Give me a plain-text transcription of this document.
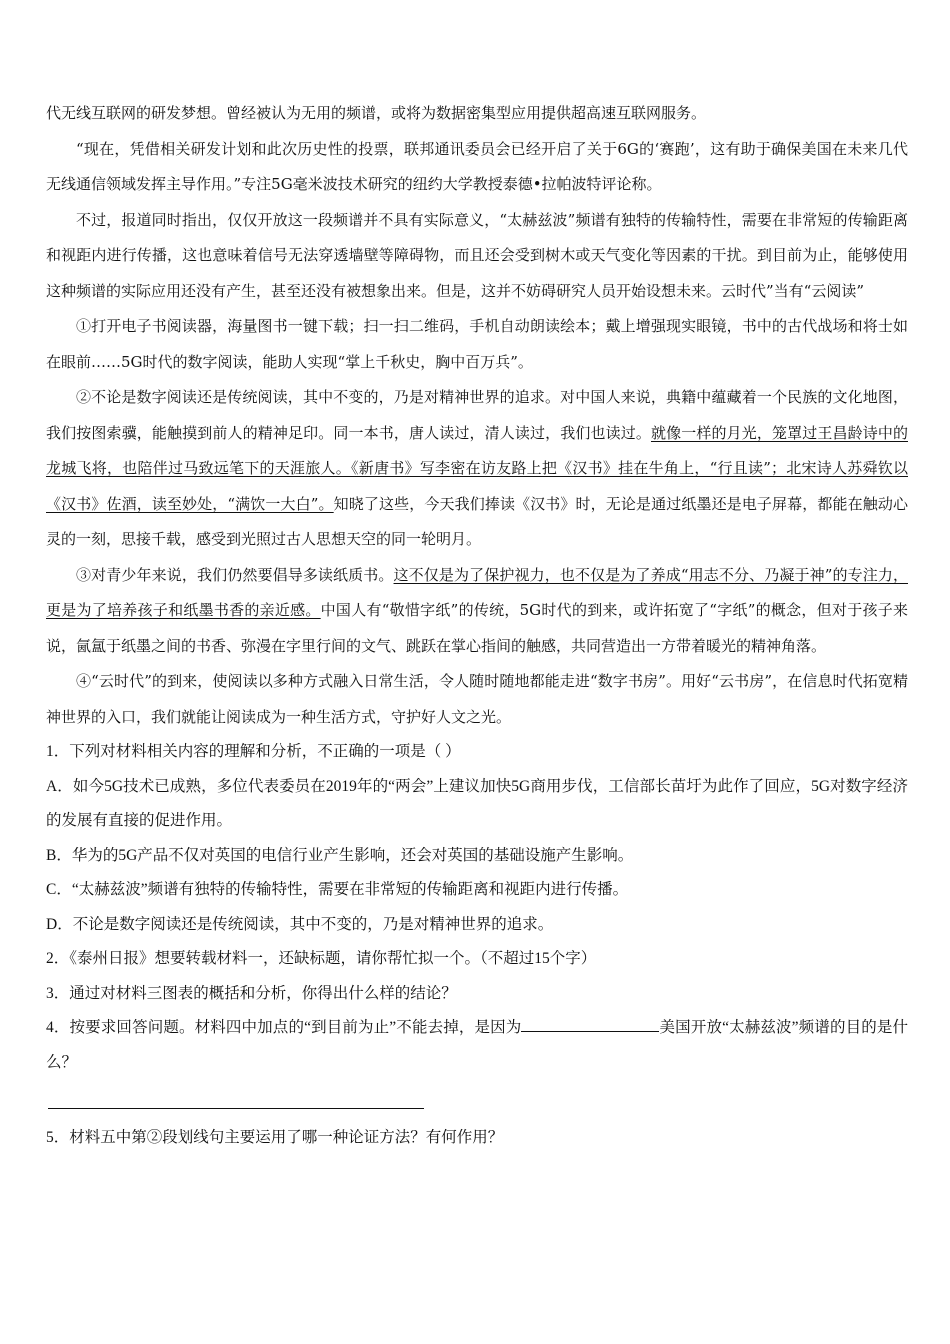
代无线互联网的研发梦想。曾经被认为无用的频谱，或将为数据密集型应用提供超高速互联网服务。

“现在，凭借相关研发计划和此次历史性的投票，联邦通讯委员会已经开启了关于6G的‘赛跑’，这有助于确保美国在未来几代无线通信领域发挥主导作用。”专注5G毫米波技术研究的纽约大学教授泰德•拉帕波特评论称。

不过，报道同时指出，仅仅开放这一段频谱并不具有实际意义，“太赫兹波”频谱有独特的传输特性，需要在非常短的传输距离和视距内进行传播，这也意味着信号无法穿透墙壁等障碍物，而且还会受到树木或天气变化等因素的干扰。到目前为止，能够使用这种频谱的实际应用还没有产生，甚至还没有被想象出来。但是，这并不妨碍研究人员开始设想未来。云时代”当有“云阅读”

①打开电子书阅读器，海量图书一键下载；扫一扫二维码，手机自动朗读绘本；戴上增强现实眼镜，书中的古代战场和将士如在眼前……5G时代的数字阅读，能助人实现“掌上千秋史，胸中百万兵”。

②不论是数字阅读还是传统阅读，其中不变的，乃是对精神世界的追求。对中国人来说，典籍中蕴藏着一个民族的文化地图，我们按图索骥，能触摸到前人的精神足印。同一本书，唐人读过，清人读过，我们也读过。就像一样的月光，笼罩过王昌龄诗中的龙城飞将，也陪伴过马致远笔下的天涯旅人。《新唐书》写李密在访友路上把《汉书》挂在牛角上，“行且读”；北宋诗人苏舜钦以《汉书》佐酒，读至妙处，“满饮一大白”。知晓了这些，今天我们捧读《汉书》时，无论是通过纸墨还是电子屏幕，都能在触动心灵的一刻，思接千载，感受到光照过古人思想天空的同一轮明月。

③对青少年来说，我们仍然要倡导多读纸质书。这不仅是为了保护视力，也不仅是为了养成“用志不分、乃凝于神”的专注力，更是为了培养孩子和纸墨书香的亲近感。中国人有“敬惜字纸”的传统，5G时代的到来，或许拓宽了“字纸”的概念，但对于孩子来说，氤氲于纸墨之间的书香、弥漫在字里行间的文气、跳跃在掌心指间的触感，共同营造出一方带着暖光的精神角落。

④“云时代”的到来，使阅读以多种方式融入日常生活，令人随时随地都能走进“数字书房”。用好“云书房”，在信息时代拓宽精神世界的入口，我们就能让阅读成为一种生活方式，守护好人文之光。

1．下列对材料相关内容的理解和分析，不正确的一项是（ ）

A．如今5G技术已成熟，多位代表委员在2019年的“两会”上建议加快5G商用步伐，工信部长苗圩为此作了回应，5G对数字经济的发展有直接的促进作用。

B．华为的5G产品不仅对英国的电信行业产生影响，还会对英国的基础设施产生影响。

C．“太赫兹波”频谱有独特的传输特性，需要在非常短的传输距离和视距内进行传播。

D．不论是数字阅读还是传统阅读，其中不变的，乃是对精神世界的追求。

2．《泰州日报》想要转载材料一，还缺标题，请你帮忙拟一个。（不超过15个字）

3．通过对材料三图表的概括和分析，你得出什么样的结论？

4．按要求回答问题。材料四中加点的“到目前为止”不能去掉，是因为	美国开放“太赫兹波”频谱的目的是什么？

5．材料五中第②段划线句主要运用了哪一种论证方法？有何作用？
